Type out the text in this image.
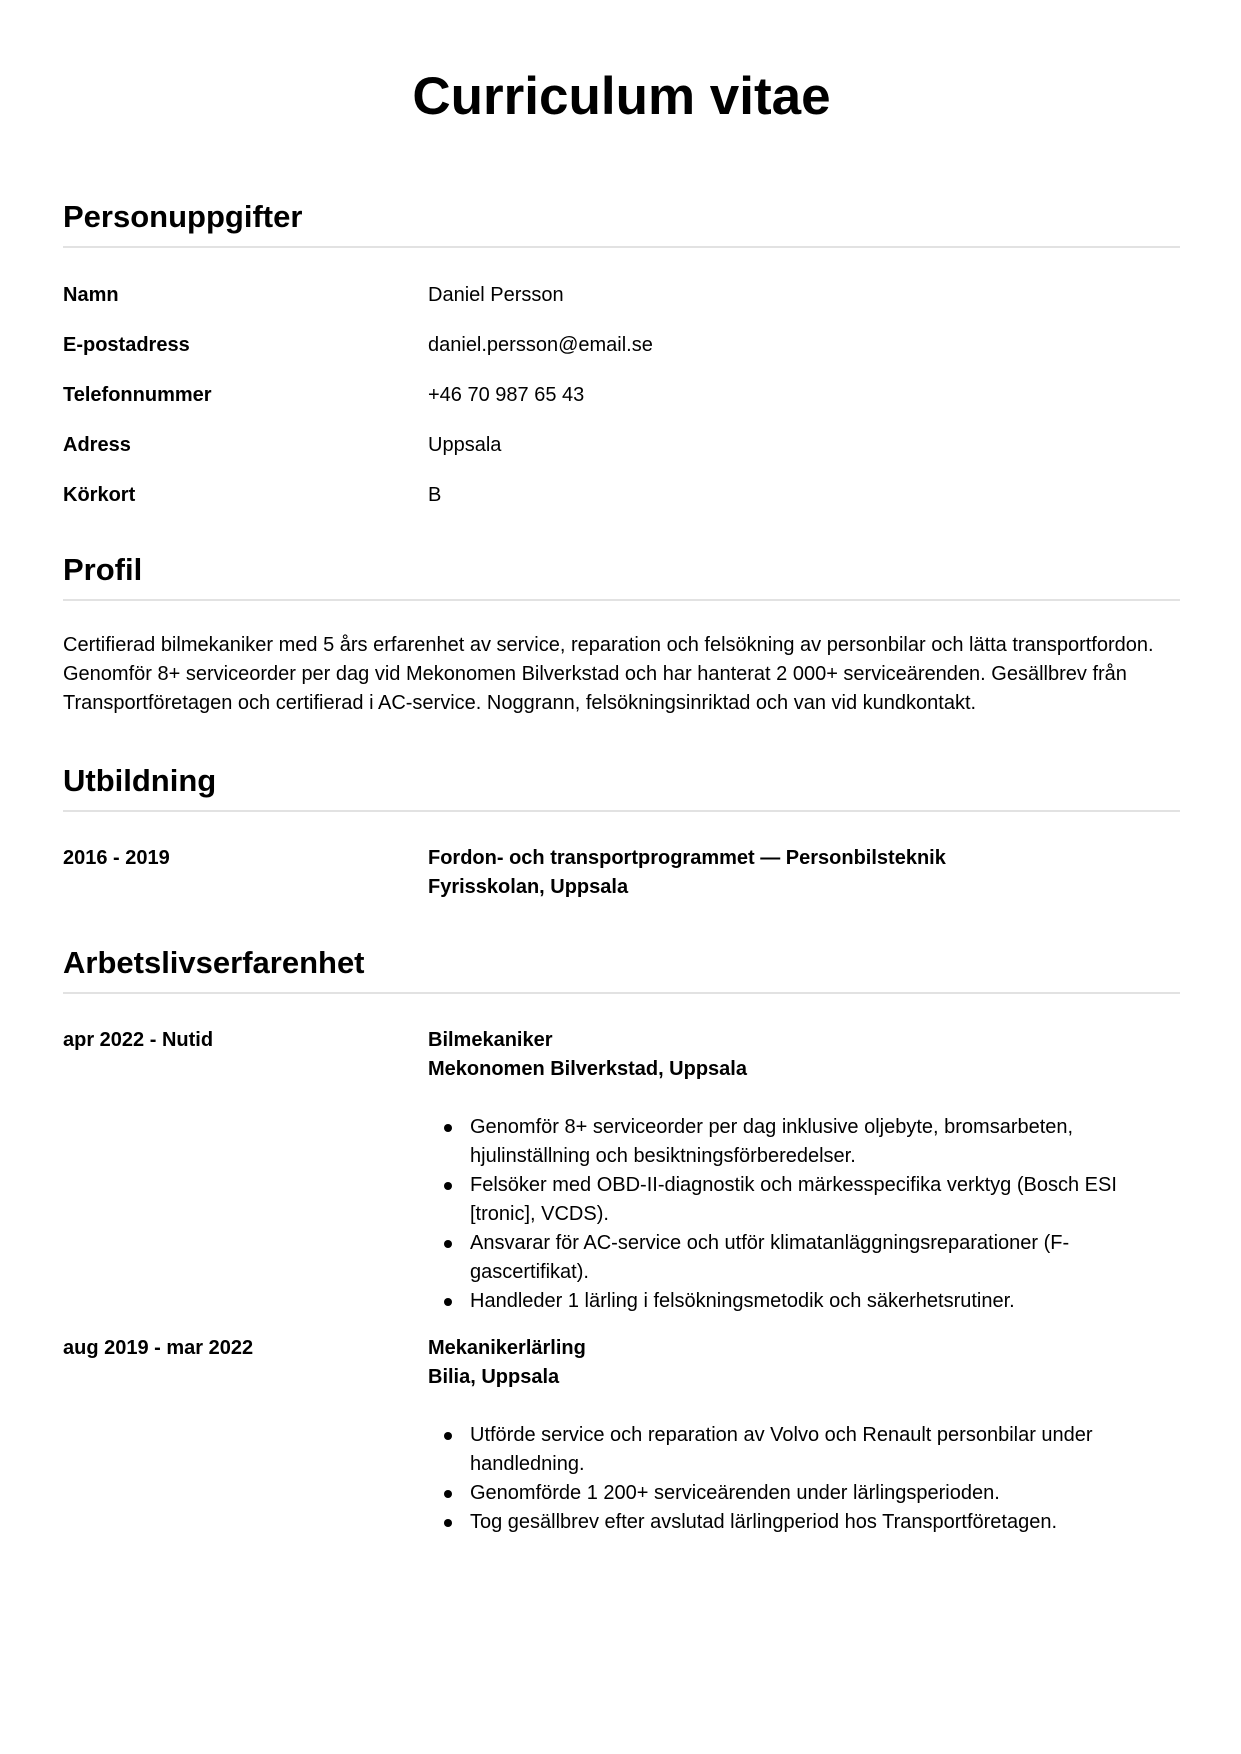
Curriculum vitae
Personuppgifter
Namn	Daniel Persson
E-postadress	daniel.persson@email.se
Telefonnummer	+46 70 987 65 43
Adress	Uppsala
Körkort	B
Profil

Certifierad bilmekaniker med 5 års erfarenhet av service, reparation och felsökning av personbilar och lätta transportfordon. Genomför 8+ serviceorder per dag vid Mekonomen Bilverkstad och har hanterat 2 000+ serviceärenden. Gesällbrev från Transportföretagen och certifierad i AC-service. Noggrann, felsökningsinriktad och van vid kundkontakt.

Utbildning
2016 - 2019	Fordon- och transportprogrammet — Personbilsteknik
Fyrisskolan, Uppsala
Arbetslivserfarenhet
apr 2022 - Nutid	Bilmekaniker
Mekonomen Bilverkstad, Uppsala
Genomför 8+ serviceorder per dag inklusive oljebyte, bromsarbeten, hjulinställning och besiktningsförberedelser.
Felsöker med OBD-II-diagnostik och märkesspecifika verktyg (Bosch ESI [tronic], VCDS).
Ansvarar för AC-service och utför klimatanläggningsreparationer (F-gascertifikat).
Handleder 1 lärling i felsökningsmetodik och säkerhetsrutiner.
aug 2019 - mar 2022	Mekanikerlärling
Bilia, Uppsala
Utförde service och reparation av Volvo och Renault personbilar under handledning.
Genomförde 1 200+ serviceärenden under lärlingsperioden.
Tog gesällbrev efter avslutad lärlingperiod hos Transportföretagen.
